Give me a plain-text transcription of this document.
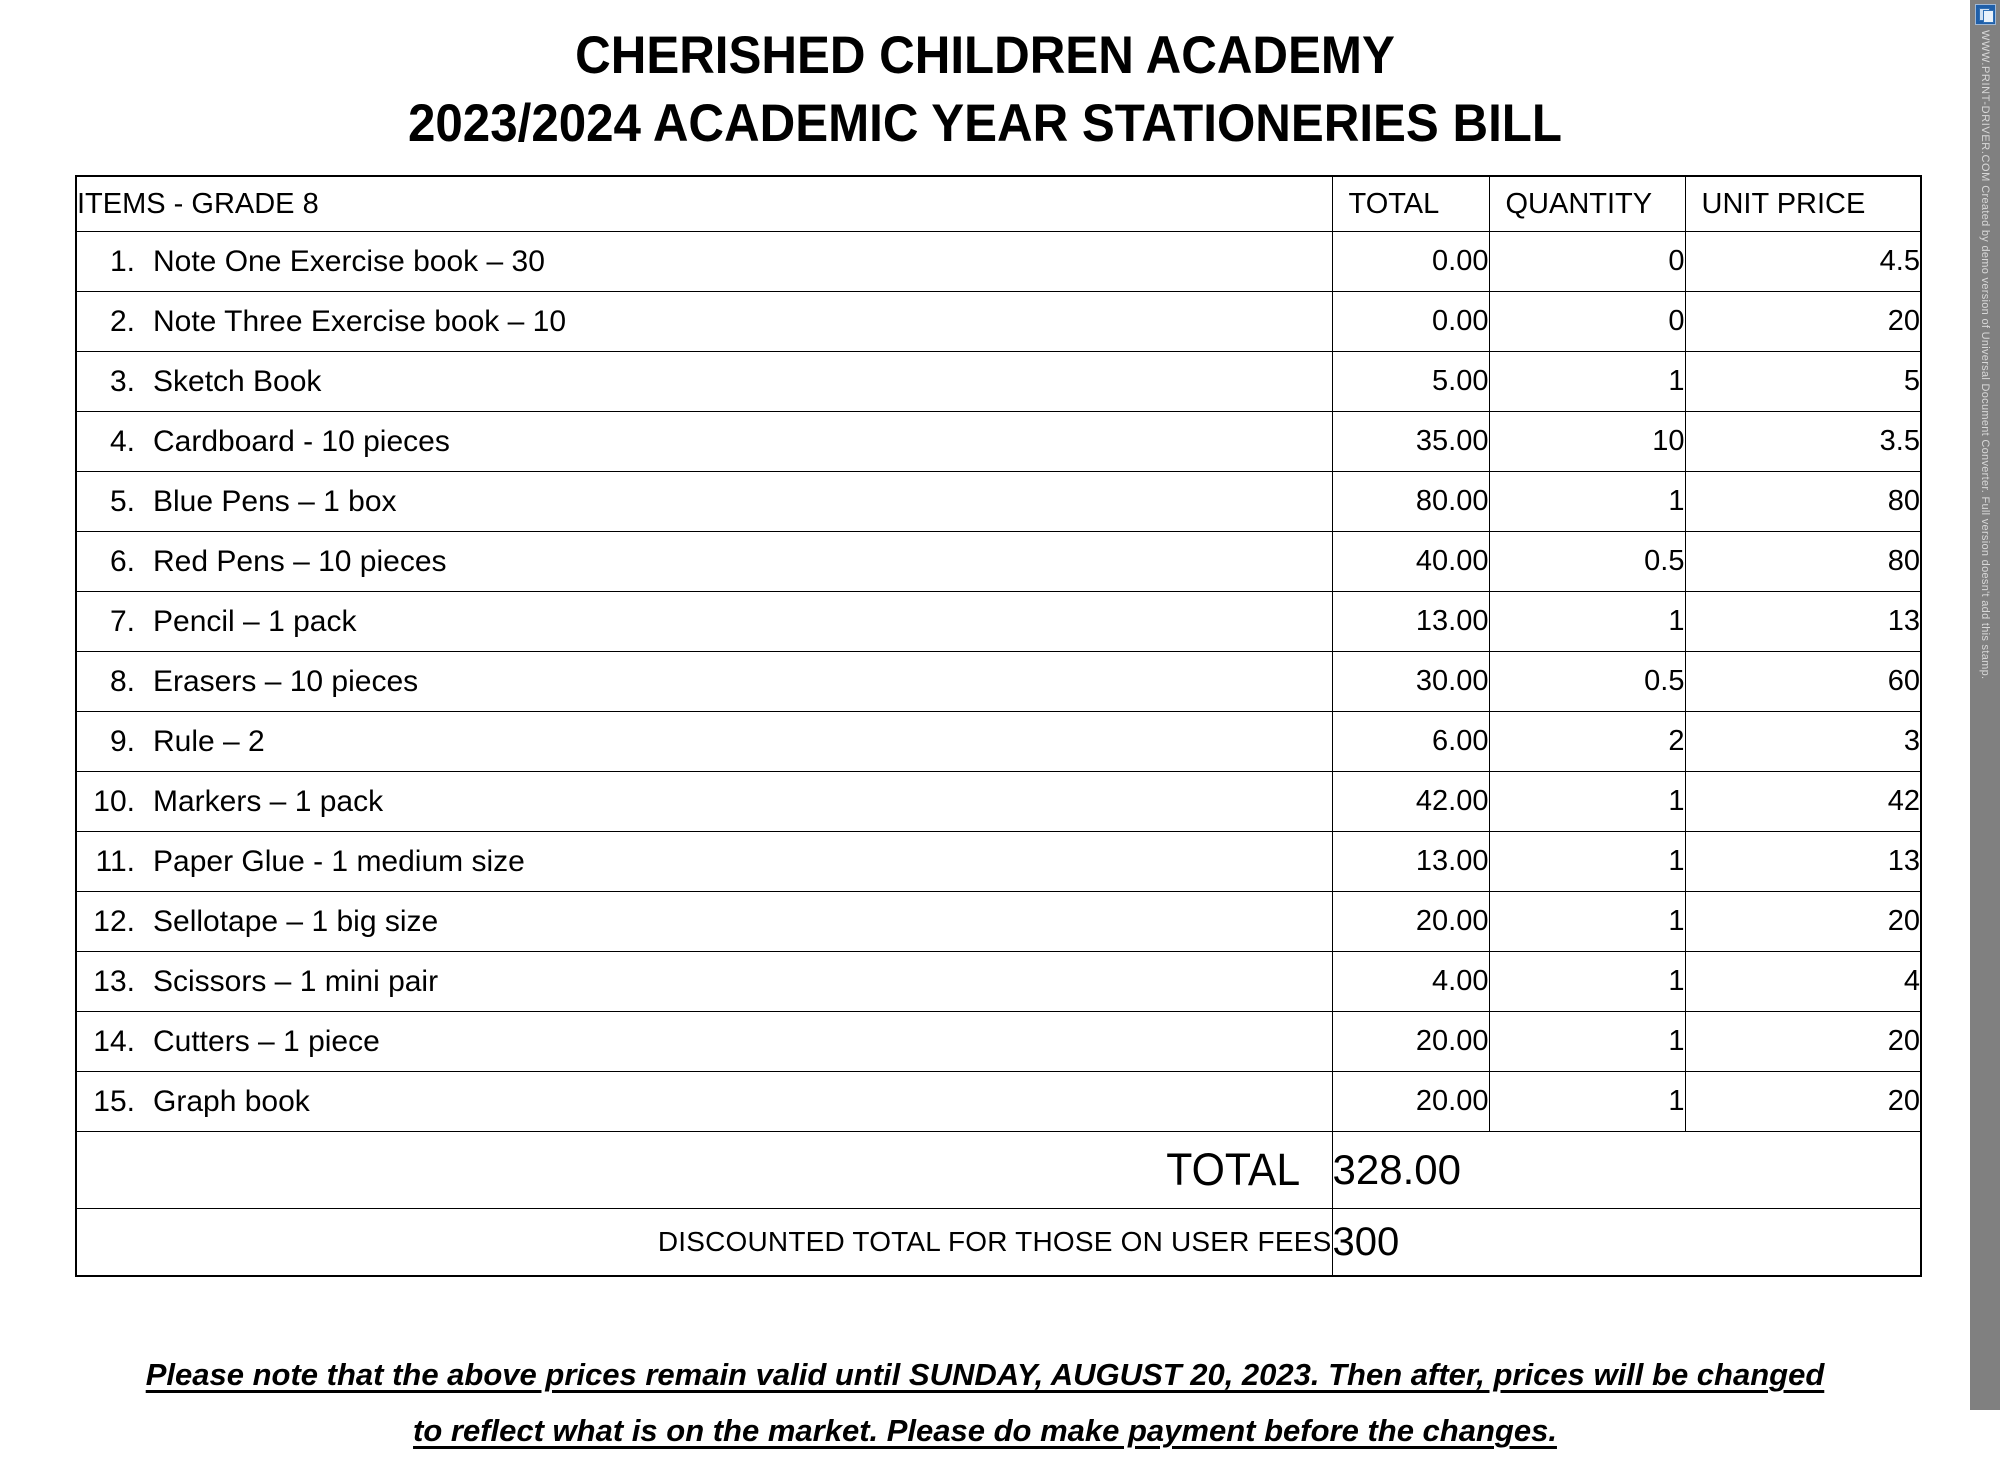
CHERISHED CHILDREN ACADEMY
2023/2024 ACADEMIC YEAR STATIONERIES BILL
ITEMS - GRADE 8	TOTAL	QUANTITY	UNIT PRICE

1. Note One Exercise book – 30	0.00	0	4.5

2. Note Three Exercise book – 10	0.00	0	20

3. Sketch Book	5.00	1	5

4. Cardboard - 10 pieces	35.00	10	3.5

5. Blue Pens – 1 box	80.00	1	80

6. Red Pens – 10 pieces	40.00	0.5	80

7. Pencil – 1 pack	13.00	1	13

8. Erasers – 10 pieces	30.00	0.5	60

9. Rule – 2	6.00	2	3

10. Markers – 1 pack	42.00	1	42

11. Paper Glue - 1 medium size	13.00	1	13

12. Sellotape – 1 big size	20.00	1	20

13. Scissors – 1 mini pair	4.00	1	4

14. Cutters – 1 piece	20.00	1	20

15. Graph book	20.00	1	20
TOTAL	328.00		
DISCOUNTED TOTAL FOR THOSE ON USER FEES	300		
Please note that the above prices remain valid until SUNDAY, AUGUST 20, 2023. Then after, prices will be changed
to reflect what is on the market. Please do make payment before the changes.
WWW.PRINT-DRIVER.COM Created by demo version of Universal Document Converter. Full version doesn't add this stamp.
